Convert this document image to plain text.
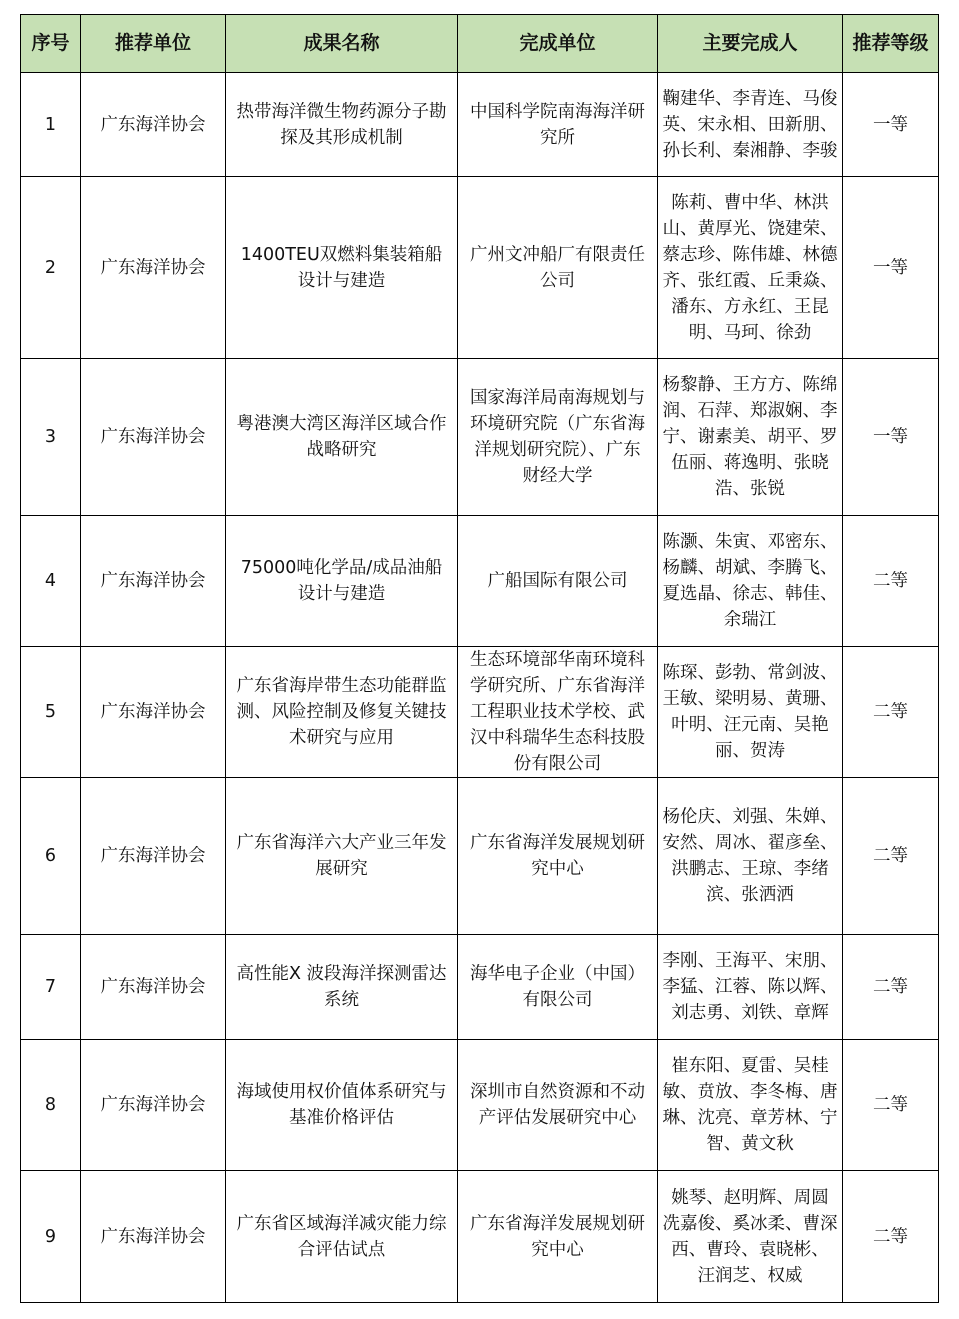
序号	推荐单位	成果名称	完成单位	主要完成人	推荐等级
1	广东海洋协会	热带海洋微生物药源分子勘探及其形成机制	中国科学院南海海洋研究所	鞠建华、李青连、马俊英、宋永相、田新朋、孙长利、秦湘静、李骏	一等
2	广东海洋协会	1400TEU双燃料集装箱船设计与建造	广州文冲船厂有限责任公司	陈莉、曹中华、林洪山、黄厚光、饶建荣、蔡志珍、陈伟雄、林德齐、张红霞、丘秉焱、潘东、方永红、王昆明、马珂、徐劲	一等
3	广东海洋协会	粤港澳大湾区海洋区域合作战略研究	国家海洋局南海规划与环境研究院（广东省海洋规划研究院）、广东财经大学	杨黎静、王方方、陈绵润、石萍、郑淑娴、李宁、谢素美、胡平、罗伍丽、蒋逸明、张晓浩、张锐	一等
4	广东海洋协会	75000吨化学品/成品油船设计与建造	广船国际有限公司	陈灏、朱寅、邓密东、杨麟、胡斌、李腾飞、夏选晶、徐志、韩佳、余瑞江	二等
5	广东海洋协会	广东省海岸带生态功能群监测、风险控制及修复关键技术研究与应用	生态环境部华南环境科学研究所、广东省海洋工程职业技术学校、武汉中科瑞华生态科技股份有限公司	陈琛、彭勃、常剑波、王敏、梁明易、黄珊、叶明、汪元南、吴艳丽、贺涛	二等
6	广东海洋协会	广东省海洋六大产业三年发展研究	广东省海洋发展规划研究中心	杨伦庆、刘强、朱婵、安然、周冰、翟彦垒、洪鹏志、王琼、李绪滨、张洒洒	二等
7	广东海洋协会	高性能X 波段海洋探测雷达系统	海华电子企业（中国）有限公司	李刚、王海平、宋朋、李猛、江蓉、陈以辉、刘志勇、刘铁、章辉	二等
8	广东海洋协会	海域使用权价值体系研究与基准价格评估	深圳市自然资源和不动产评估发展研究中心	崔东阳、夏雷、吴桂敏、贲放、李冬梅、唐琳、沈亮、章芳林、宁智、黄文秋	二等
9	广东海洋协会	广东省区域海洋减灾能力综合评估试点	广东省海洋发展规划研究中心	姚琴、赵明辉、周圆 冼嘉俊、奚冰柔、曹深西、曹玲、袁晓彬、 汪润芝、权威	二等
